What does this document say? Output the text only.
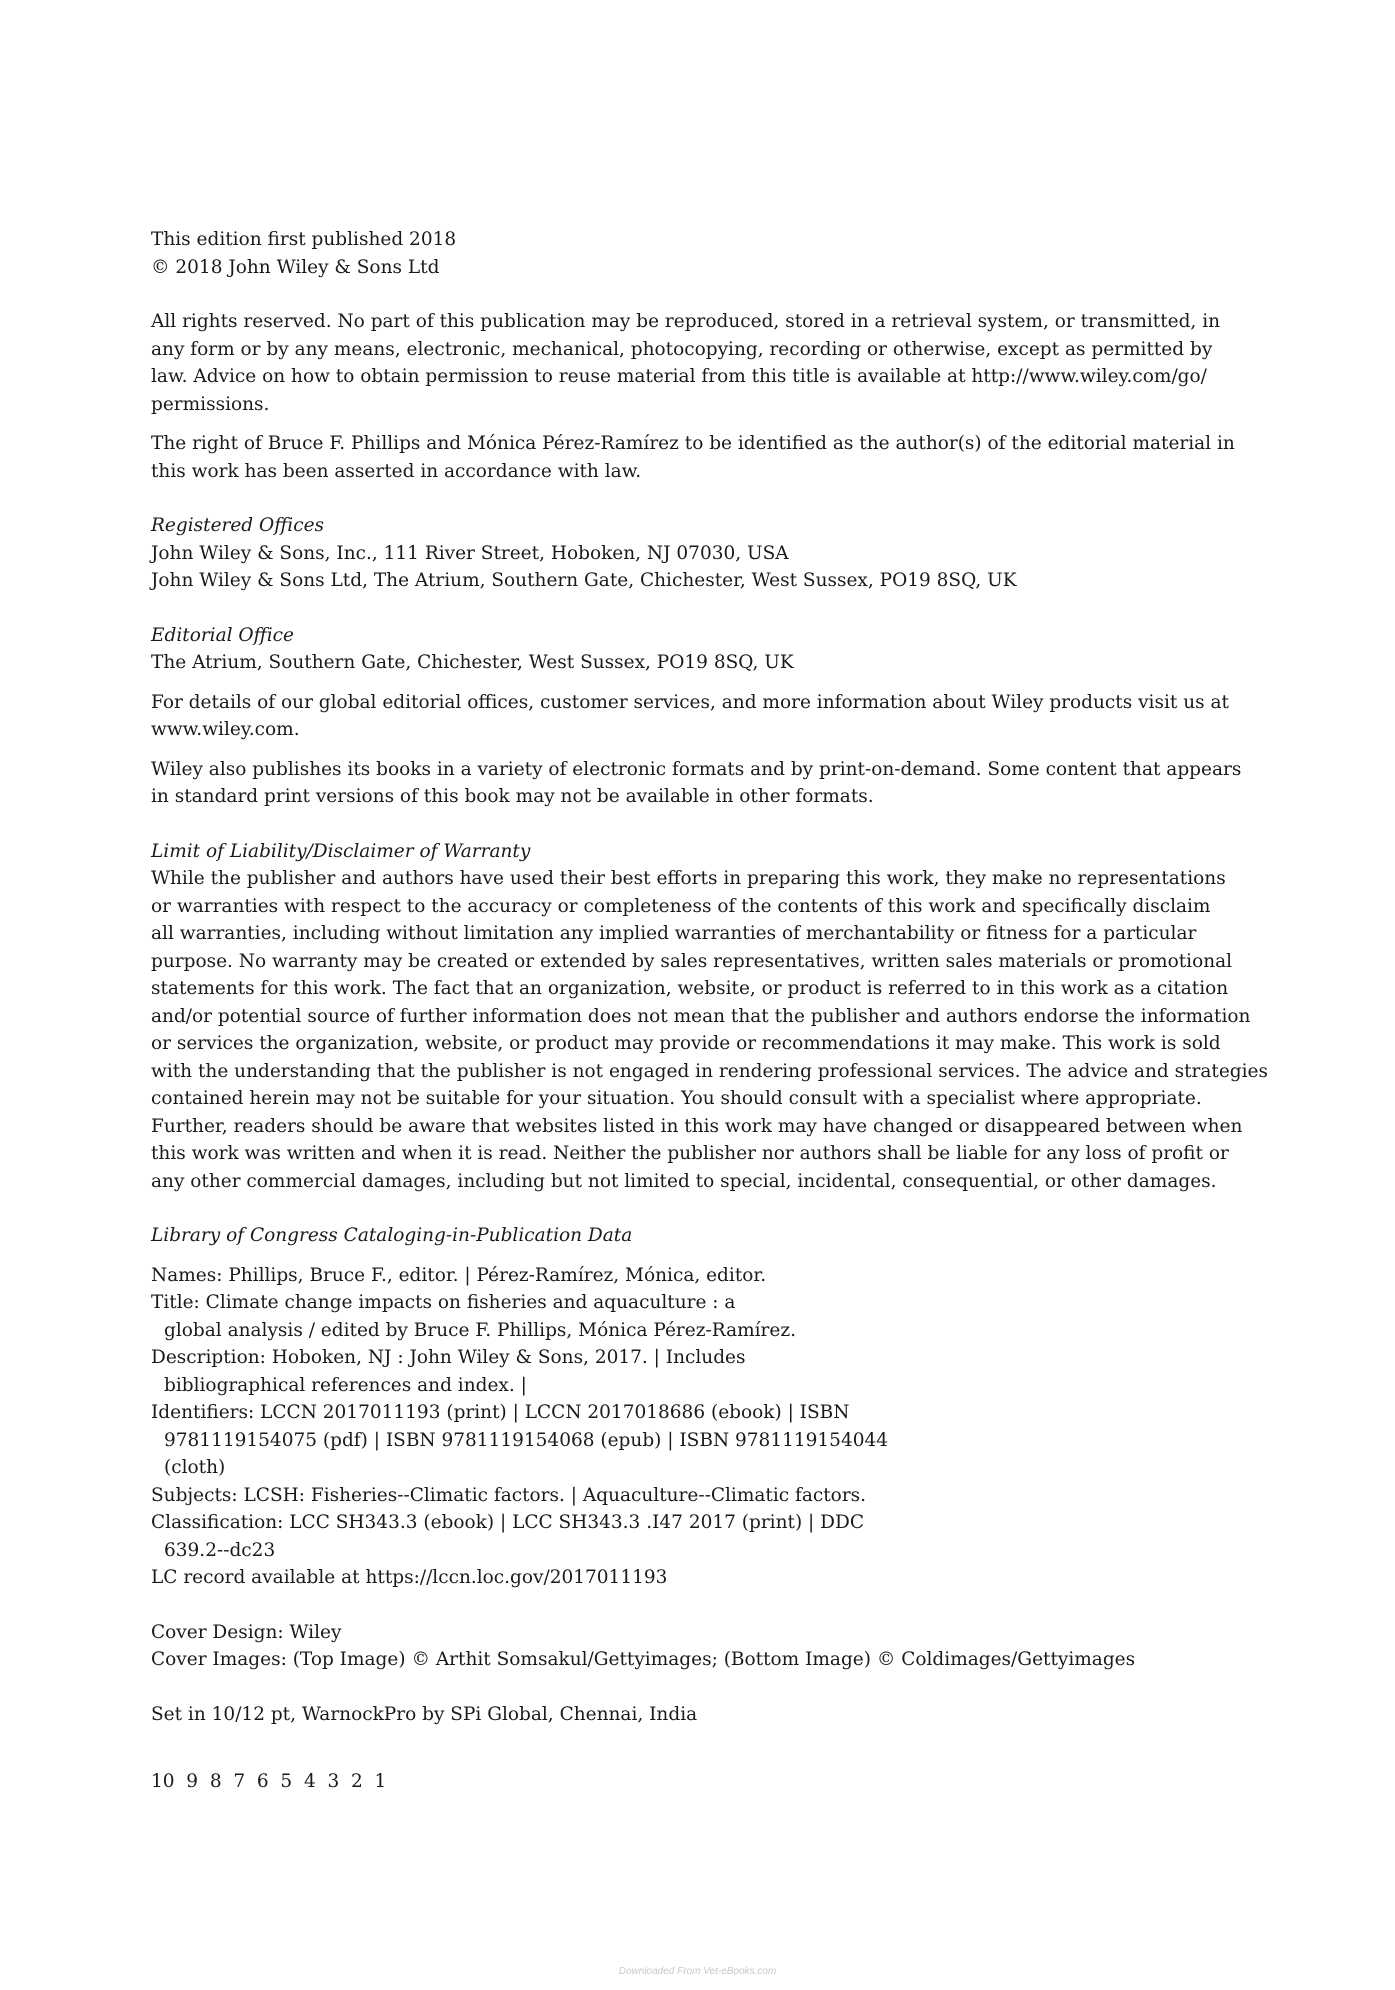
This edition first published 2018
© 2018 John Wiley & Sons Ltd

All rights reserved. No part of this publication may be reproduced, stored in a retrieval system, or transmitted, in
any form or by any means, electronic, mechanical, photocopying, recording or otherwise, except as permitted by
law. Advice on how to obtain permission to reuse material from this title is available at http://www.wiley.com/go/
permissions.

The right of Bruce F. Phillips and Mónica Pérez-Ramírez to be identified as the author(s) of the editorial material in
this work has been asserted in accordance with law.

Registered Offices
John Wiley & Sons, Inc., 111 River Street, Hoboken, NJ 07030, USA
John Wiley & Sons Ltd, The Atrium, Southern Gate, Chichester, West Sussex, PO19 8SQ, UK

Editorial Office
The Atrium, Southern Gate, Chichester, West Sussex, PO19 8SQ, UK

For details of our global editorial offices, customer services, and more information about Wiley products visit us at
www.wiley.com.

Wiley also publishes its books in a variety of electronic formats and by print-on-demand. Some content that appears
in standard print versions of this book may not be available in other formats.

Limit of Liability/Disclaimer of Warranty
While the publisher and authors have used their best efforts in preparing this work, they make no representations
or warranties with respect to the accuracy or completeness of the contents of this work and specifically disclaim
all warranties, including without limitation any implied warranties of merchantability or fitness for a particular
purpose. No warranty may be created or extended by sales representatives, written sales materials or promotional
statements for this work. The fact that an organization, website, or product is referred to in this work as a citation
and/or potential source of further information does not mean that the publisher and authors endorse the information
or services the organization, website, or product may provide or recommendations it may make. This work is sold
with the understanding that the publisher is not engaged in rendering professional services. The advice and strategies
contained herein may not be suitable for your situation. You should consult with a specialist where appropriate.
Further, readers should be aware that websites listed in this work may have changed or disappeared between when
this work was written and when it is read. Neither the publisher nor authors shall be liable for any loss of profit or
any other commercial damages, including but not limited to special, incidental, consequential, or other damages.

Library of Congress Cataloging-in-Publication Data

Names: Phillips, Bruce F., editor. | Pérez-Ramírez, Mónica, editor.
Title: Climate change impacts on fisheries and aquaculture : a
global analysis / edited by Bruce F. Phillips, Mónica Pérez-Ramírez.
Description: Hoboken, NJ : John Wiley & Sons, 2017. | Includes
bibliographical references and index. |
Identifiers: LCCN 2017011193 (print) | LCCN 2017018686 (ebook) | ISBN
9781119154075 (pdf) | ISBN 9781119154068 (epub) | ISBN 9781119154044
(cloth)
Subjects: LCSH: Fisheries--Climatic factors. | Aquaculture--Climatic factors.
Classification: LCC SH343.3 (ebook) | LCC SH343.3 .I47 2017 (print) | DDC
639.2--dc23
LC record available at https://lccn.loc.gov/2017011193

Cover Design: Wiley
Cover Images: (Top Image) © Arthit Somsakul/Gettyimages; (Bottom Image) © Coldimages/Gettyimages

Set in 10/12 pt, WarnockPro by SPi Global, Chennai, India

10  9  8  7  6  5  4  3  2  1

Downloaded From Vet-eBooks.com
